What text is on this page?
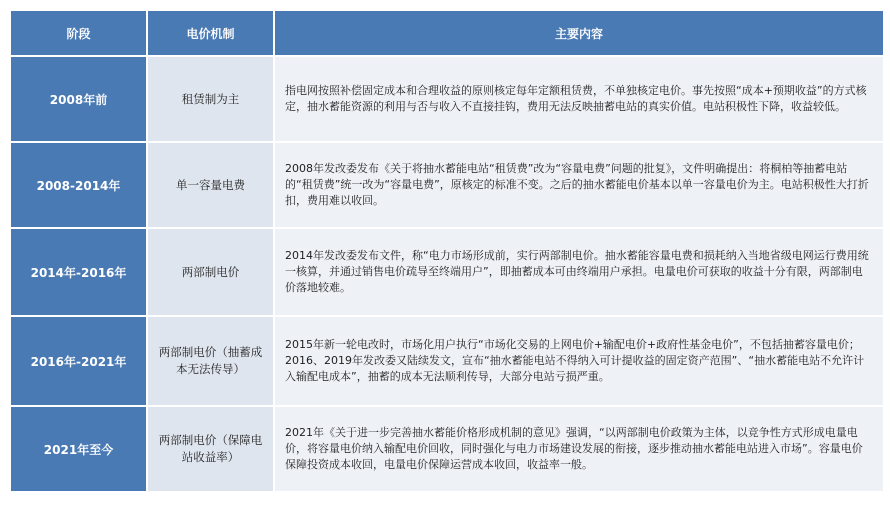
阶段	电价机制	主要内容
2008年前	租赁制为主	指电网按照补偿固定成本和合理收益的原则核定每年定额租赁费，不单独核定电价。事先按照“成本+预期收益”的方式核定，抽水蓄能资源的利用与否与收入不直接挂钩，费用无法反映抽蓄电站的真实价值。电站积极性下降，收益较低。
2008-2014年	单一容量电费	2008年发改委发布《关于将抽水蓄能电站“租赁费”改为“容量电费”问题的批复》，文件明确提出：将桐柏等抽蓄电站的“租赁费”统一改为“容量电费”，原核定的标准不变。之后的抽水蓄能电价基本以单一容量电价为主。电站积极性大打折扣，费用难以收回。
2014年-2016年	两部制电价	2014年发改委发布文件，称“电力市场形成前，实行两部制电价。抽水蓄能容量电费和损耗纳入当地省级电网运行费用统一核算，并通过销售电价疏导至终端用户”，即抽蓄成本可由终端用户承担。电量电价可获取的收益十分有限，两部制电价落地较难。
2016年-2021年	两部制电价（抽蓄成本无法传导）	2015年新一轮电改时，市场化用户执行“市场化交易的上网电价+输配电价+政府性基金电价”，不包括抽蓄容量电价；2016、2019年发改委又陆续发文，宣布“抽水蓄能电站不得纳入可计提收益的固定资产范围”、“抽水蓄能电站不允许计入输配电成本”，抽蓄的成本无法顺利传导，大部分电站亏损严重。
2021年至今	两部制电价（保障电站收益率）	2021年《关于进一步完善抽水蓄能价格形成机制的意见》强调，“以两部制电价政策为主体，以竞争性方式形成电量电价，将容量电价纳入输配电价回收，同时强化与电力市场建设发展的衔接，逐步推动抽水蓄能电站进入市场”。容量电价保障投资成本收回，电量电价保障运营成本收回，收益率一般。
